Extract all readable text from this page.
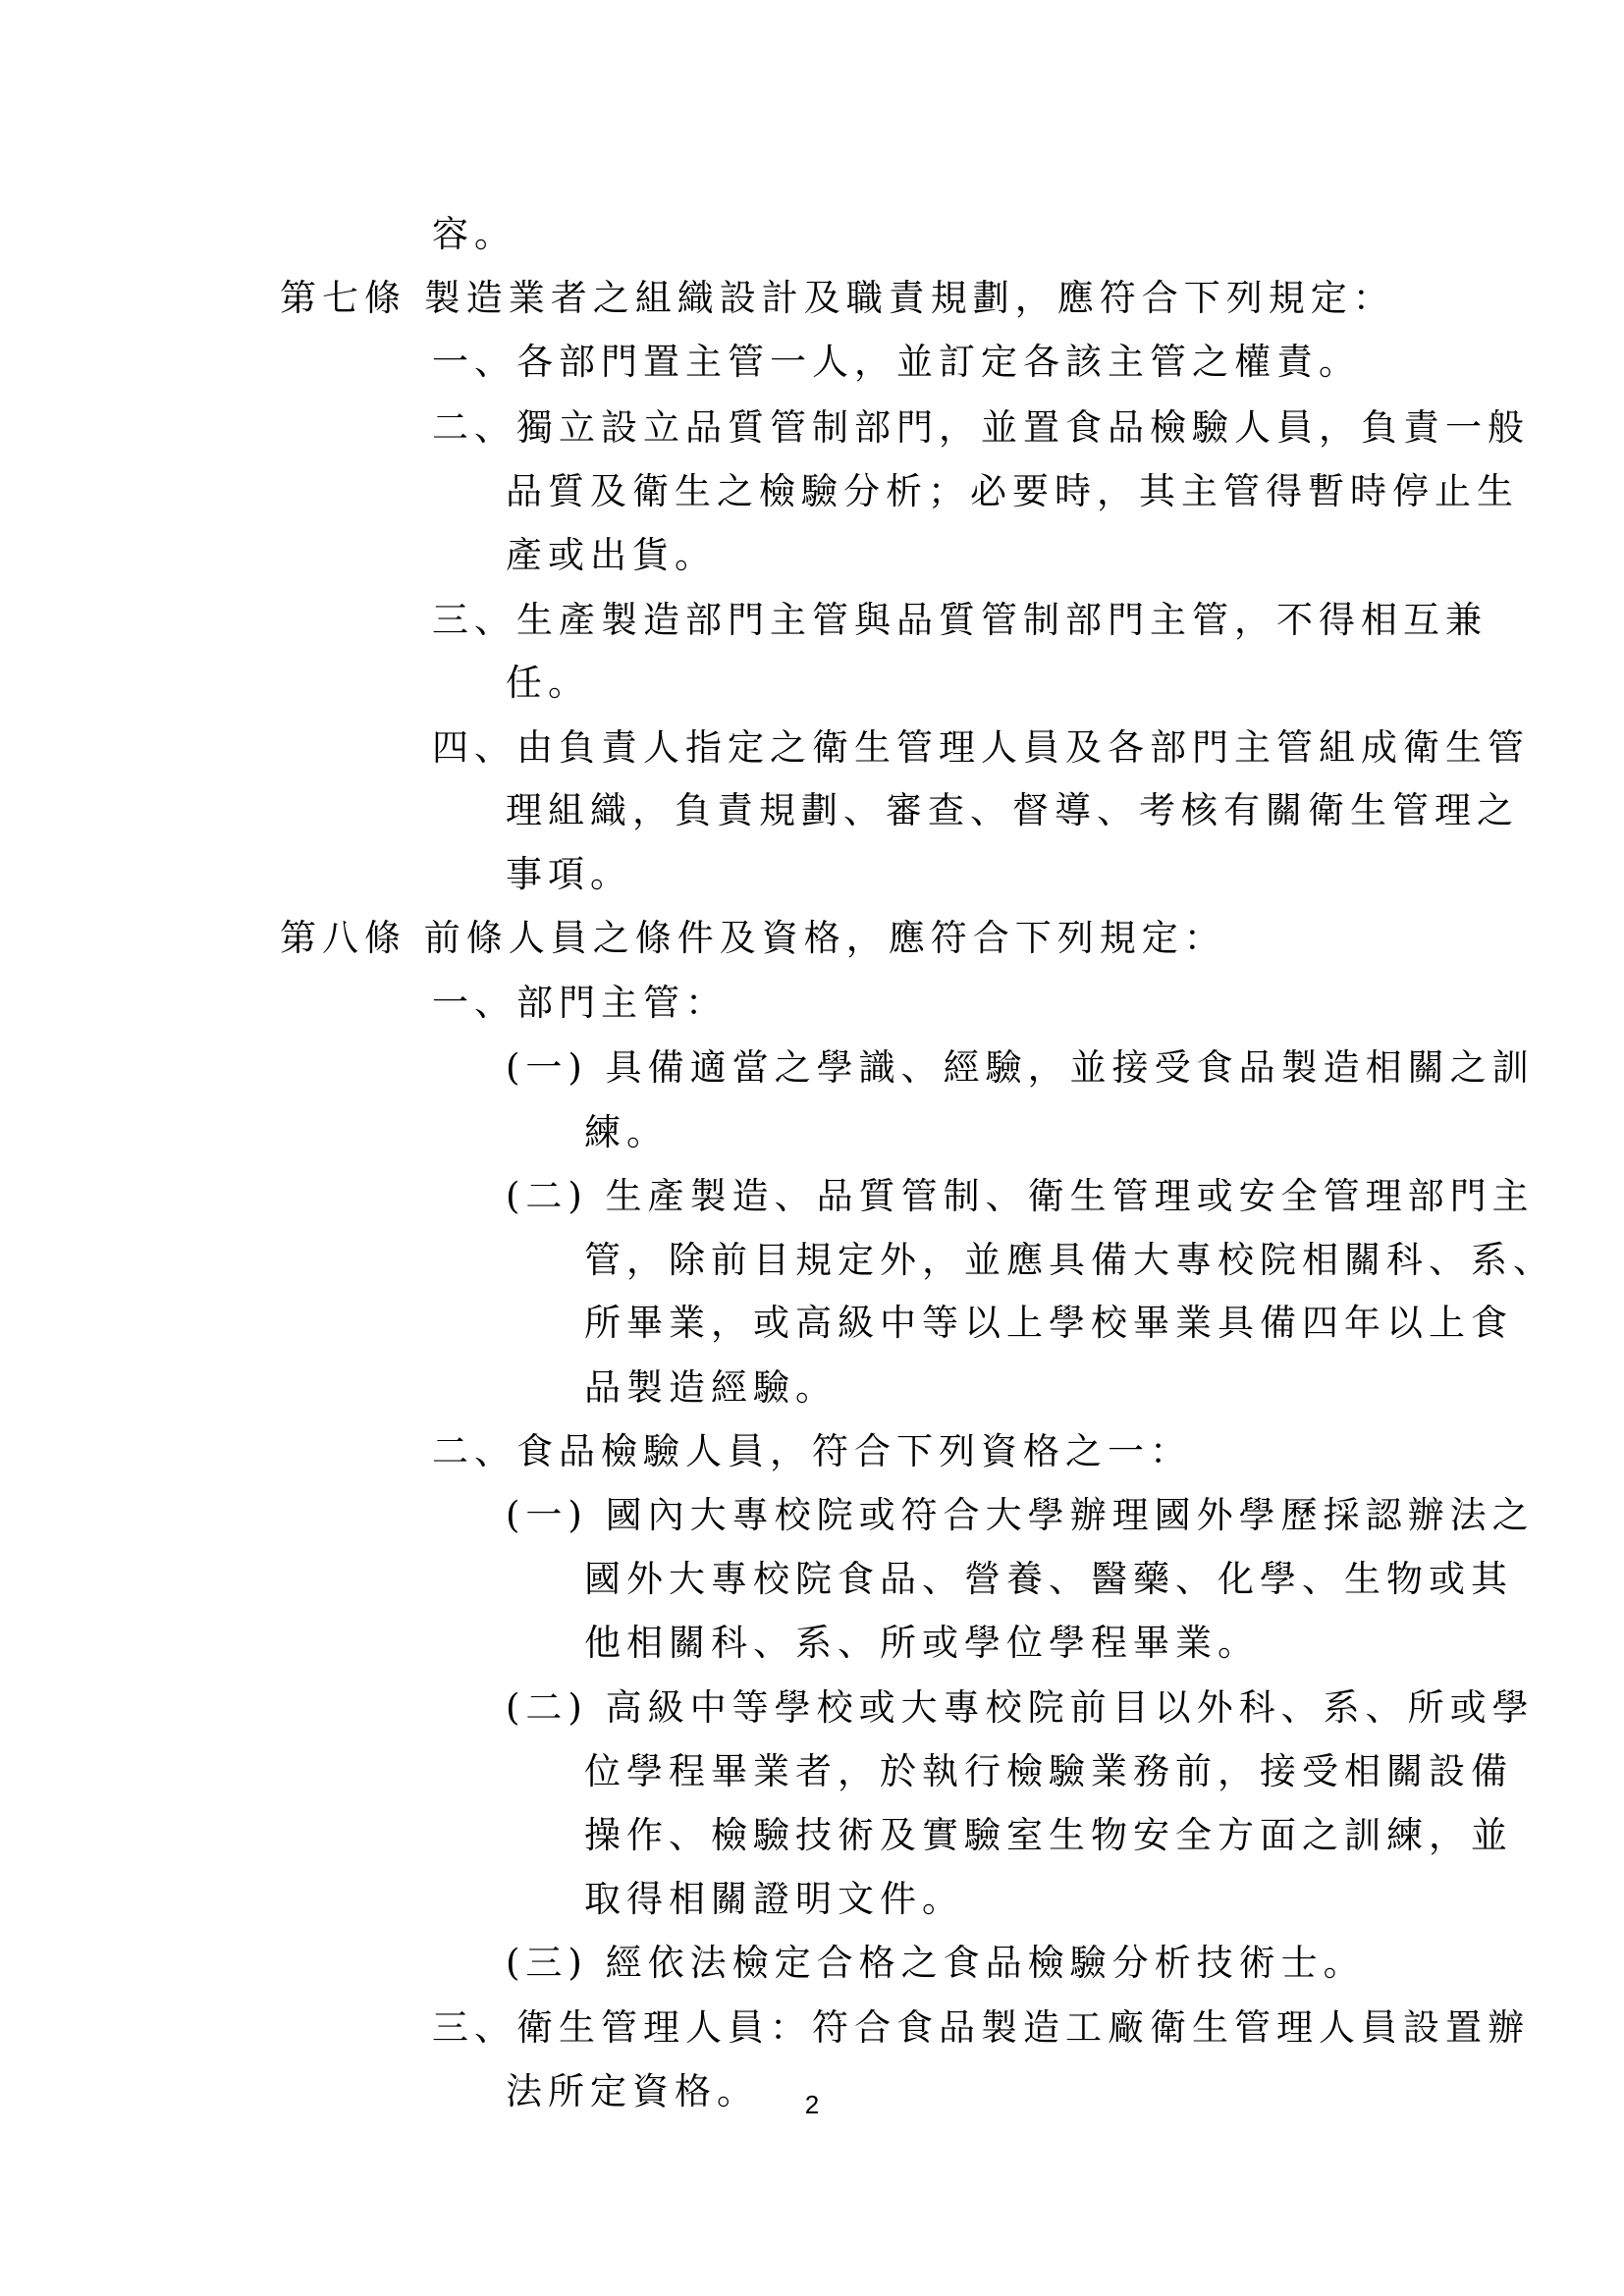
容。
第七條 製造業者之組織設計及職責規劃，應符合下列規定：
一、各部門置主管一人，並訂定各該主管之權責。
二、獨立設立品質管制部門，並置食品檢驗人員，負責一般
品質及衛生之檢驗分析；必要時，其主管得暫時停止生
產或出貨。
三、生產製造部門主管與品質管制部門主管，不得相互兼
任。
四、由負責人指定之衛生管理人員及各部門主管組成衛生管
理組織，負責規劃、審查、督導、考核有關衛生管理之
事項。
第八條 前條人員之條件及資格，應符合下列規定：
一、部門主管：
(一) 具備適當之學識、經驗，並接受食品製造相關之訓
練。
(二) 生產製造、品質管制、衛生管理或安全管理部門主
管，除前目規定外，並應具備大專校院相關科、系、
所畢業，或高級中等以上學校畢業具備四年以上食
品製造經驗。
二、食品檢驗人員，符合下列資格之一：
(一) 國內大專校院或符合大學辦理國外學歷採認辦法之
國外大專校院食品、營養、醫藥、化學、生物或其
他相關科、系、所或學位學程畢業。
(二) 高級中等學校或大專校院前目以外科、系、所或學
位學程畢業者，於執行檢驗業務前，接受相關設備
操作、檢驗技術及實驗室生物安全方面之訓練，並
取得相關證明文件。
(三) 經依法檢定合格之食品檢驗分析技術士。
三、衛生管理人員：符合食品製造工廠衛生管理人員設置辦
法所定資格。	2
